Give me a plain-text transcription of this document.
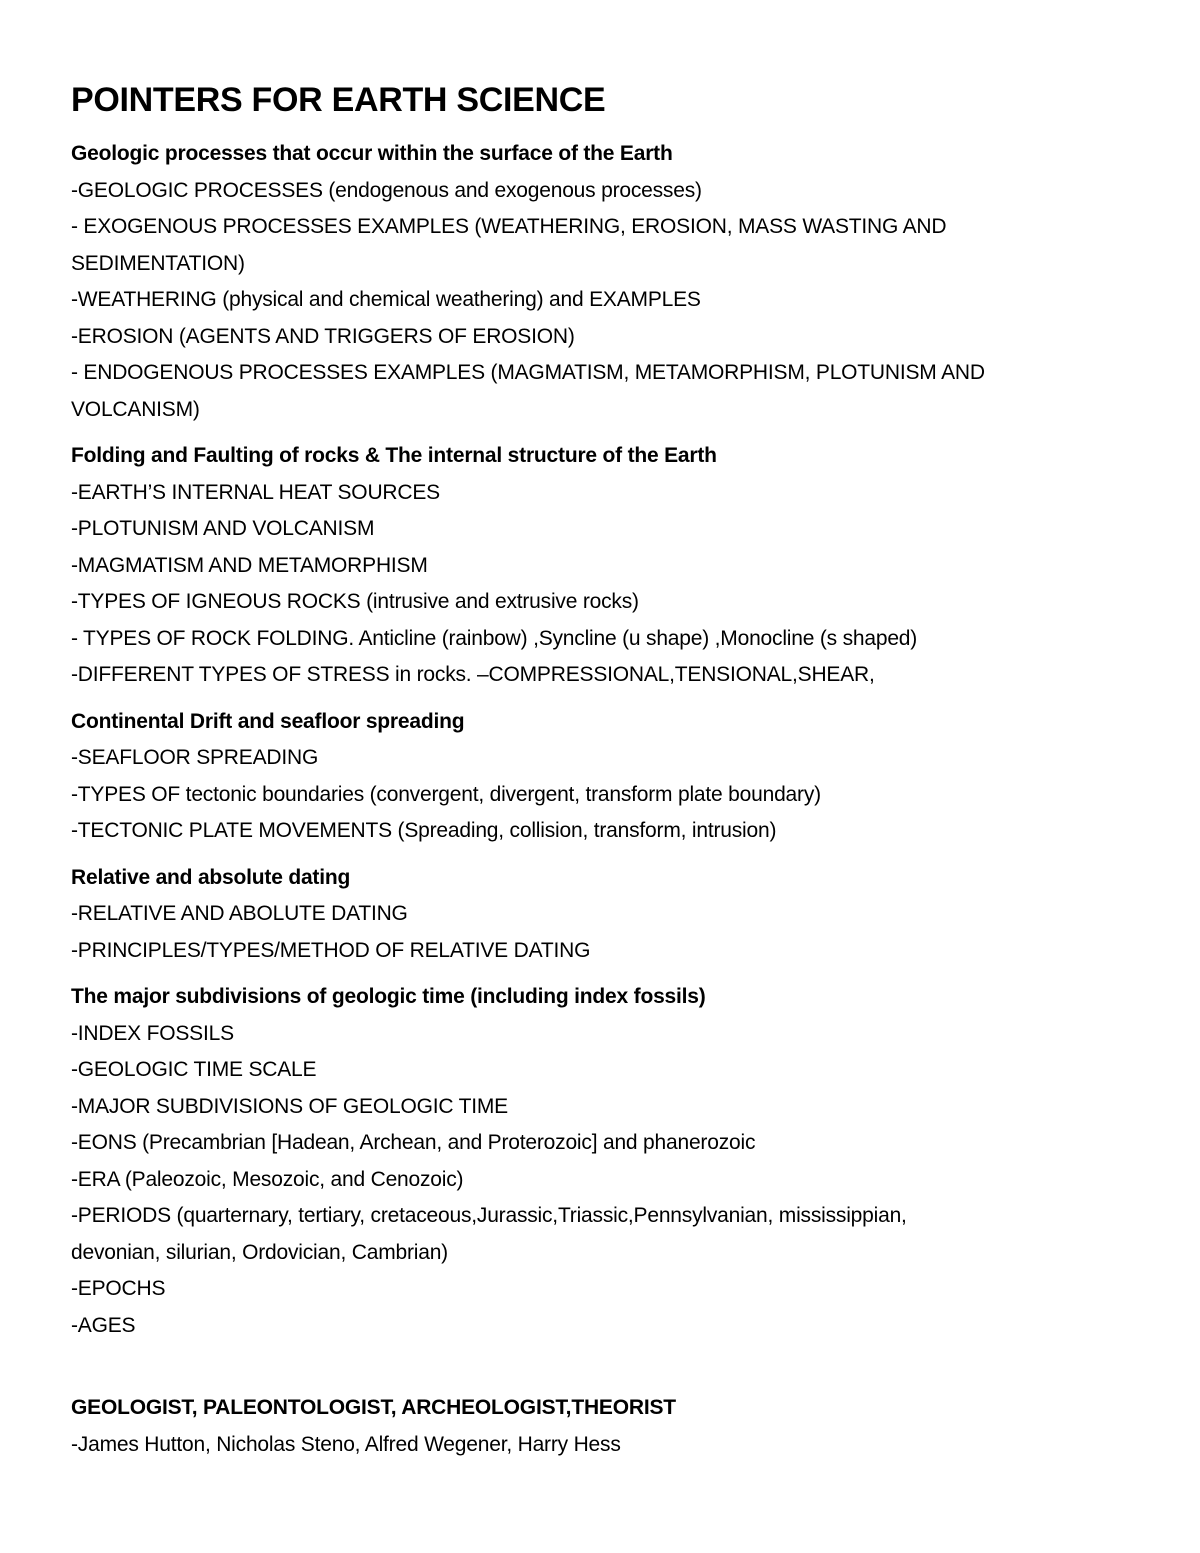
POINTERS FOR EARTH SCIENCE
Geologic processes that occur within the surface of the Earth
-GEOLOGIC PROCESSES (endogenous and exogenous processes)
- EXOGENOUS PROCESSES EXAMPLES (WEATHERING, EROSION, MASS WASTING AND
SEDIMENTATION)
-WEATHERING (physical and chemical weathering) and EXAMPLES
-EROSION (AGENTS AND TRIGGERS OF EROSION)
- ENDOGENOUS PROCESSES EXAMPLES (MAGMATISM, METAMORPHISM, PLOTUNISM AND
VOLCANISM)
Folding and Faulting of rocks & The internal structure of the Earth
-EARTH’S INTERNAL HEAT SOURCES
-PLOTUNISM AND VOLCANISM
-MAGMATISM AND METAMORPHISM
-TYPES OF IGNEOUS ROCKS (intrusive and extrusive rocks)
- TYPES OF ROCK FOLDING. Anticline (rainbow) ,Syncline (u shape) ,Monocline (s shaped)
-DIFFERENT TYPES OF STRESS in rocks. –COMPRESSIONAL,TENSIONAL,SHEAR,
Continental Drift and seafloor spreading
-SEAFLOOR SPREADING
-TYPES OF tectonic boundaries (convergent, divergent, transform plate boundary)
-TECTONIC PLATE MOVEMENTS (Spreading, collision, transform, intrusion)
Relative and absolute dating
-RELATIVE AND ABOLUTE DATING
-PRINCIPLES/TYPES/METHOD OF RELATIVE DATING
The major subdivisions of geologic time (including index fossils)
-INDEX FOSSILS
-GEOLOGIC TIME SCALE
-MAJOR SUBDIVISIONS OF GEOLOGIC TIME
-EONS (Precambrian [Hadean, Archean, and Proterozoic] and phanerozoic
-ERA (Paleozoic, Mesozoic, and Cenozoic)
-PERIODS (quarternary, tertiary, cretaceous,Jurassic,Triassic,Pennsylvanian, mississippian,
devonian, silurian, Ordovician, Cambrian)
-EPOCHS
-AGES
GEOLOGIST, PALEONTOLOGIST, ARCHEOLOGIST,THEORIST
-James Hutton, Nicholas Steno, Alfred Wegener, Harry Hess
